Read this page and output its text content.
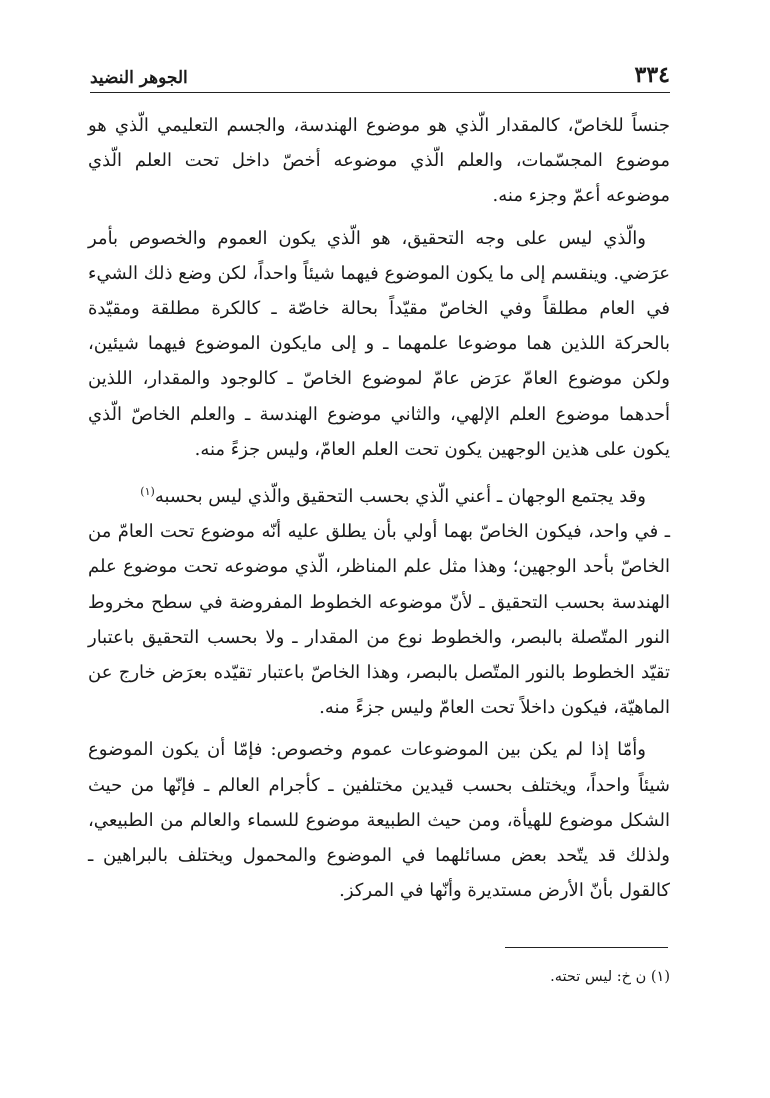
الجوهر النضيد	٣٣٤

جنساً للخاصّ، كالمقدار الّذي هو موضوع الهندسة، والجسم التعليمي الّذي هو موضوع المجسّمات، والعلم الّذي موضوعه أخصّ داخل تحت العلم الّذي موضوعه أعمّ وجزء منه.

والّذي ليس على وجه التحقيق، هو الّذي يكون العموم والخصوص بأمر عرَضي. وينقسم إلى ما يكون الموضوع فيهما شيئاً واحداً، لكن وضع ذلك الشيء في العام مطلقاً وفي الخاصّ مقيّداً بحالة خاصّة ـ كالكرة مطلقة ومقيّدة بالحركة اللذين هما موضوعا علمهما ـ و إلى مايكون الموضوع فيهما شيئين، ولكن موضوع العامّ عرَض عامّ لموضوع الخاصّ ـ كالوجود والمقدار، اللذين أحدهما موضوع العلم الإلهي، والثاني موضوع الهندسة ـ والعلم الخاصّ الّذي يكون على هذين الوجهين يكون تحت العلم العامّ، وليس جزءً منه.

وقد يجتمع الوجهان ـ أعني الّذي بحسب التحقيق والّذي ليس بحسبه$^{(١)}$

ـ في واحد، فيكون الخاصّ بهما أولي بأن يطلق عليه أنّه موضوع تحت العامّ من الخاصّ بأحد الوجهين؛ وهذا مثل علم المناظر، الّذي موضوعه تحت موضوع علم الهندسة بحسب التحقيق ـ لأنّ موضوعه الخطوط المفروضة في سطح مخروط النور المتّصلة بالبصر، والخطوط نوع من المقدار ـ ولا بحسب التحقيق باعتبار تقيّد الخطوط بالنور المتّصل بالبصر، وهذا الخاصّ باعتبار تقيّده بعرَض خارج عن الماهيّة، فيكون داخلاً تحت العامّ وليس جزءً منه.

وأمّا إذا لم يكن بين الموضوعات عموم وخصوص: فإمّا أن يكون الموضوع شيئاً واحداً، ويختلف بحسب قيدين مختلفين ـ كأجرام العالم ـ فإنّها من حيث الشكل موضوع للهيأة، ومن حيث الطبيعة موضوع للسماء والعالم من الطبيعي، ولذلك قد يتّحد بعض مسائلهما في الموضوع والمحمول ويختلف بالبراهين ـ كالقول بأنّ الأرض مستديرة وأنّها في المركز.

(١) ن خ: ليس تحته.
